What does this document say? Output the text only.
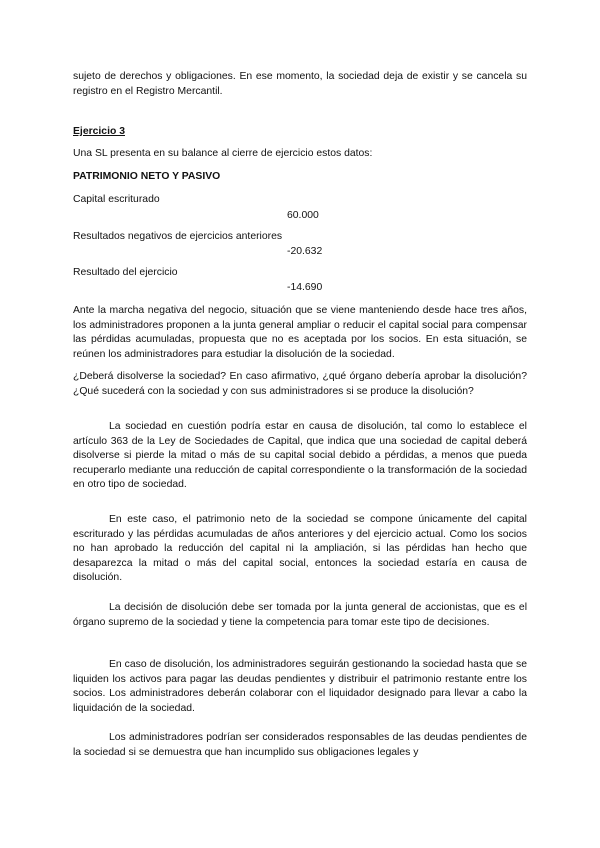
sujeto de derechos y obligaciones. En ese momento, la sociedad deja de existir y se cancela su registro en el Registro Mercantil.

Ejercicio 3

Una SL presenta en su balance al cierre de ejercicio estos datos:

PATRIMONIO NETO Y PASIVO

Capital escriturado

60.000

Resultados negativos de ejercicios anteriores

-20.632

Resultado del ejercicio

-14.690

Ante la marcha negativa del negocio, situación que se viene manteniendo desde hace tres años, los administradores proponen a la junta general ampliar o reducir el capital social para compensar las pérdidas acumuladas, propuesta que no es aceptada por los socios. En esta situación, se reúnen los administradores para estudiar la disolución de la sociedad.

¿Deberá disolverse la sociedad? En caso afirmativo, ¿qué órgano debería aprobar la disolución? ¿Qué sucederá con la sociedad y con sus administradores si se produce la disolución?

La sociedad en cuestión podría estar en causa de disolución, tal como lo establece el artículo 363 de la Ley de Sociedades de Capital, que indica que una sociedad de capital deberá disolverse si pierde la mitad o más de su capital social debido a pérdidas, a menos que pueda recuperarlo mediante una reducción de capital correspondiente o la transformación de la sociedad en otro tipo de sociedad.

En este caso, el patrimonio neto de la sociedad se compone únicamente del capital escriturado y las pérdidas acumuladas de años anteriores y del ejercicio actual. Como los socios no han aprobado la reducción del capital ni la ampliación, si las pérdidas han hecho que desaparezca la mitad o más del capital social, entonces la sociedad estaría en causa de disolución.

La decisión de disolución debe ser tomada por la junta general de accionistas, que es el órgano supremo de la sociedad y tiene la competencia para tomar este tipo de decisiones.

En caso de disolución, los administradores seguirán gestionando la sociedad hasta que se liquiden los activos para pagar las deudas pendientes y distribuir el patrimonio restante entre los socios. Los administradores deberán colaborar con el liquidador designado para llevar a cabo la liquidación de la sociedad.

Los administradores podrían ser considerados responsables de las deudas pendientes de la sociedad si se demuestra que han incumplido sus obligaciones legales y
